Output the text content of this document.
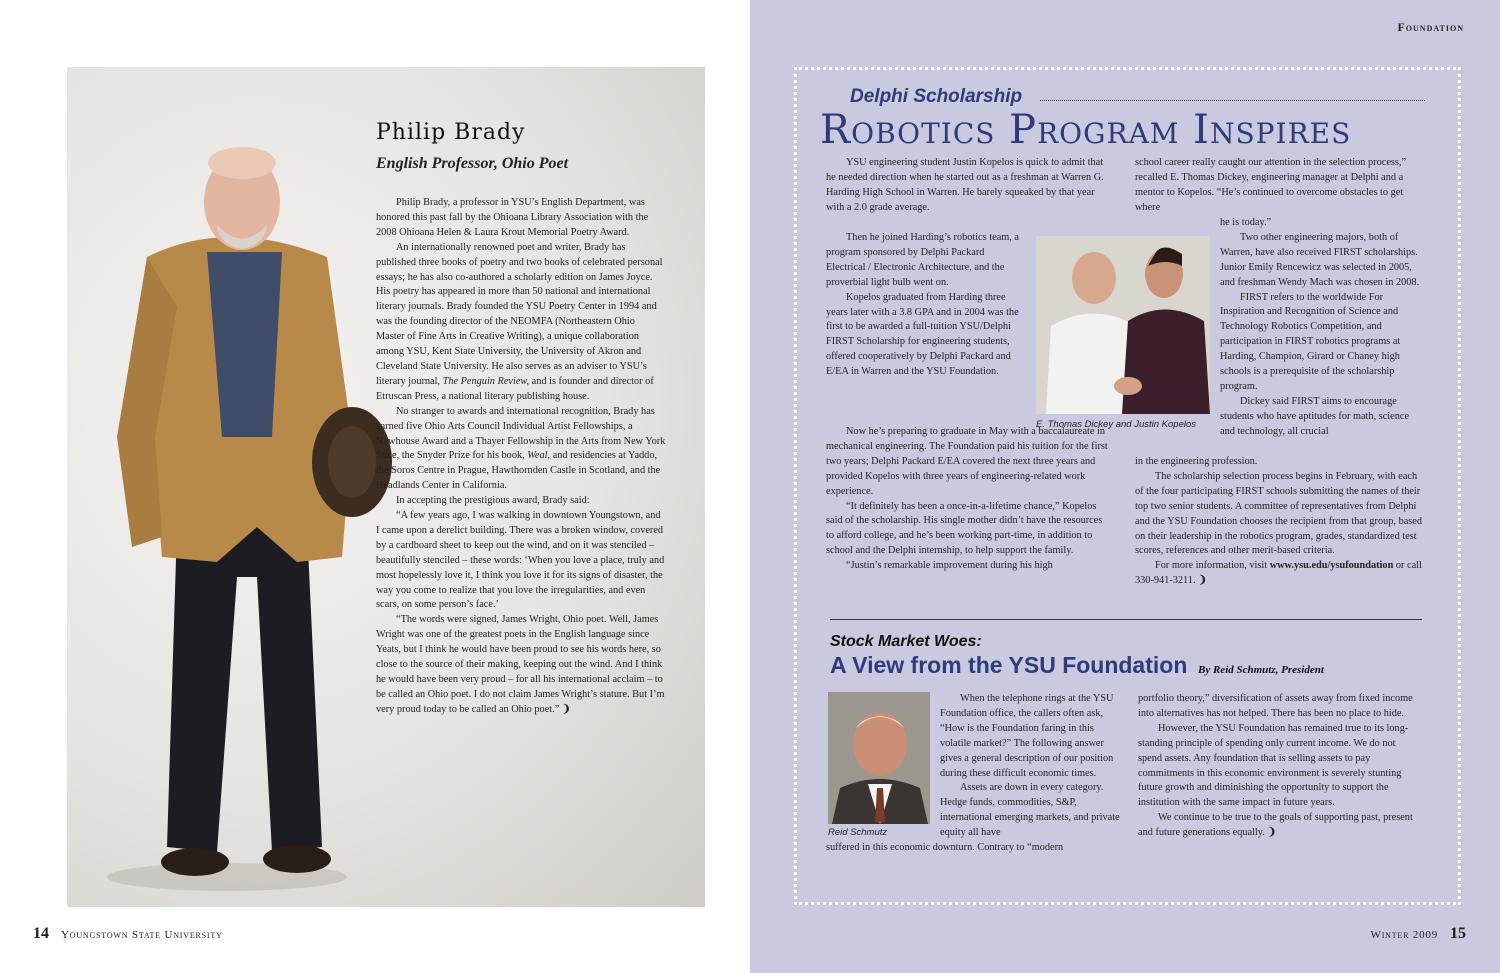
Philip Brady
English Professor, Ohio Poet

Philip Brady, a professor in YSU’s English Department, was honored this past fall by the Ohioana Library Association with the 2008 Ohioana Helen & Laura Krout Memorial Poetry Award.

An internationally renowned poet and writer, Brady has published three books of poetry and two books of celebrated personal essays; he has also co-authored a scholarly edition on James Joyce. His poetry has appeared in more than 50 national and international literary journals. Brady founded the YSU Poetry Center in 1994 and was the founding director of the NEOMFA (Northeastern Ohio Master of Fine Arts in Creative Writing), a unique collaboration among YSU, Kent State University, the University of Akron and Cleveland State University. He also serves as an adviser to YSU’s literary journal, The Penguin Review, and is founder and director of Etruscan Press, a national literary publishing house.

No stranger to awards and international recognition, Brady has earned five Ohio Arts Council Individual Artist Fellowships, a Newhouse Award and a Thayer Fellowship in the Arts from New York State, the Snyder Prize for his book, Weal, and residencies at Yaddo, the Soros Centre in Prague, Hawthornden Castle in Scotland, and the Headlands Center in California.

In accepting the prestigious award, Brady said:

“A few years ago, I was walking in downtown Youngstown, and I came upon a derelict building. There was a broken window, covered by a cardboard sheet to keep out the wind, and on it was stenciled – beautifully stenciled – these words: ‘When you love a place, truly and most hopelessly love it, I think you love it for its signs of disaster, the way you come to realize that you love the irregularities, and even scars, on some person’s face.’

“The words were signed, James Wright, Ohio poet. Well, James Wright was one of the greatest poets in the English language since Yeats, but I think he would have been proud to see his words here, so close to the source of their making, keeping out the wind. And I think he would have been very proud – for all his international acclaim – to be called an Ohio poet. I do not claim James Wright’s stature. But I’m very proud today to be called an Ohio poet.” ❩

14 Youngstown State University
Foundation
Delphi Scholarship
Robotics Program Inspires

YSU engineering student Justin Kopelos is quick to admit that he needed direction when he started out as a freshman at Warren G. Harding High School in Warren. He barely squeaked by that year with a 2.0 grade average.

Then he joined Harding’s robotics team, a program sponsored by Delphi Packard Electrical / Electronic Architecture, and the proverbial light bulb went on.

Kopelos graduated from Harding three years later with a 3.8 GPA and in 2004 was the first to be awarded a full-tuition YSU/Delphi FIRST Scholarship for engineering students, offered cooperatively by Delphi Packard and E/EA in Warren and the YSU Foundation.

Now he’s preparing to graduate in May with a baccalaureate in mechanical engineering. The Foundation paid his tuition for the first two years; Delphi Packard E/EA covered the next three years and provided Kopelos with three years of engineering-related work experience.

“It definitely has been a once-in-a-lifetime chance,” Kopelos said of the scholarship. His single mother didn’t have the resources to afford college, and he’s been working part-time, in addition to school and the Delphi internship, to help support the family.

“Justin’s remarkable improvement during his high

school career really caught our attention in the selection process,” recalled E. Thomas Dickey, engineering manager at Delphi and a mentor to Kopelos. “He’s continued to overcome obstacles to get where

he is today.”

Two other engineering majors, both of Warren, have also received FIRST scholarships. Junior Emily Rencewicz was selected in 2005, and freshman Wendy Mach was chosen in 2008.

FIRST refers to the worldwide For Inspiration and Recognition of Science and Technology Robotics Competition, and participation in FIRST robotics programs at Harding, Champion, Girard or Chaney high schools is a prerequisite of the scholarship program.

Dickey said FIRST aims to encourage students who have aptitudes for math, science and technology, all crucial

in the engineering profession.

The scholarship selection process begins in February, with each of the four participating FIRST schools submitting the names of their top two senior students. A committee of representatives from Delphi and the YSU Foundation chooses the recipient from that group, based on their leadership in the robotics program, grades, standardized test scores, references and other merit-based criteria.

For more information, visit www.ysu.edu/ysufoundation or call 330-941-3211. ❩

E. Thomas Dickey and Justin Kopelos
Stock Market Woes:
A View from the YSU Foundation By Reid Schmutz, President
Reid Schmutz

When the telephone rings at the YSU Foundation office, the callers often ask, “How is the Foundation faring in this volatile market?” The following answer gives a general description of our position during these difficult economic times.

Assets are down in every category. Hedge funds, commodities, S&P, international emerging markets, and private equity all have

suffered in this economic downturn. Contrary to “modern

portfolio theory,” diversification of assets away from fixed income into alternatives has not helped. There has been no place to hide.

However, the YSU Foundation has remained true to its long-standing principle of spending only current income. We do not spend assets. Any foundation that is selling assets to pay commitments in this economic environment is severely stunting future growth and diminishing the opportunity to support the institution with the same impact in future years.

We continue to be true to the goals of supporting past, present and future generations equally. ❩

Winter 2009 15
